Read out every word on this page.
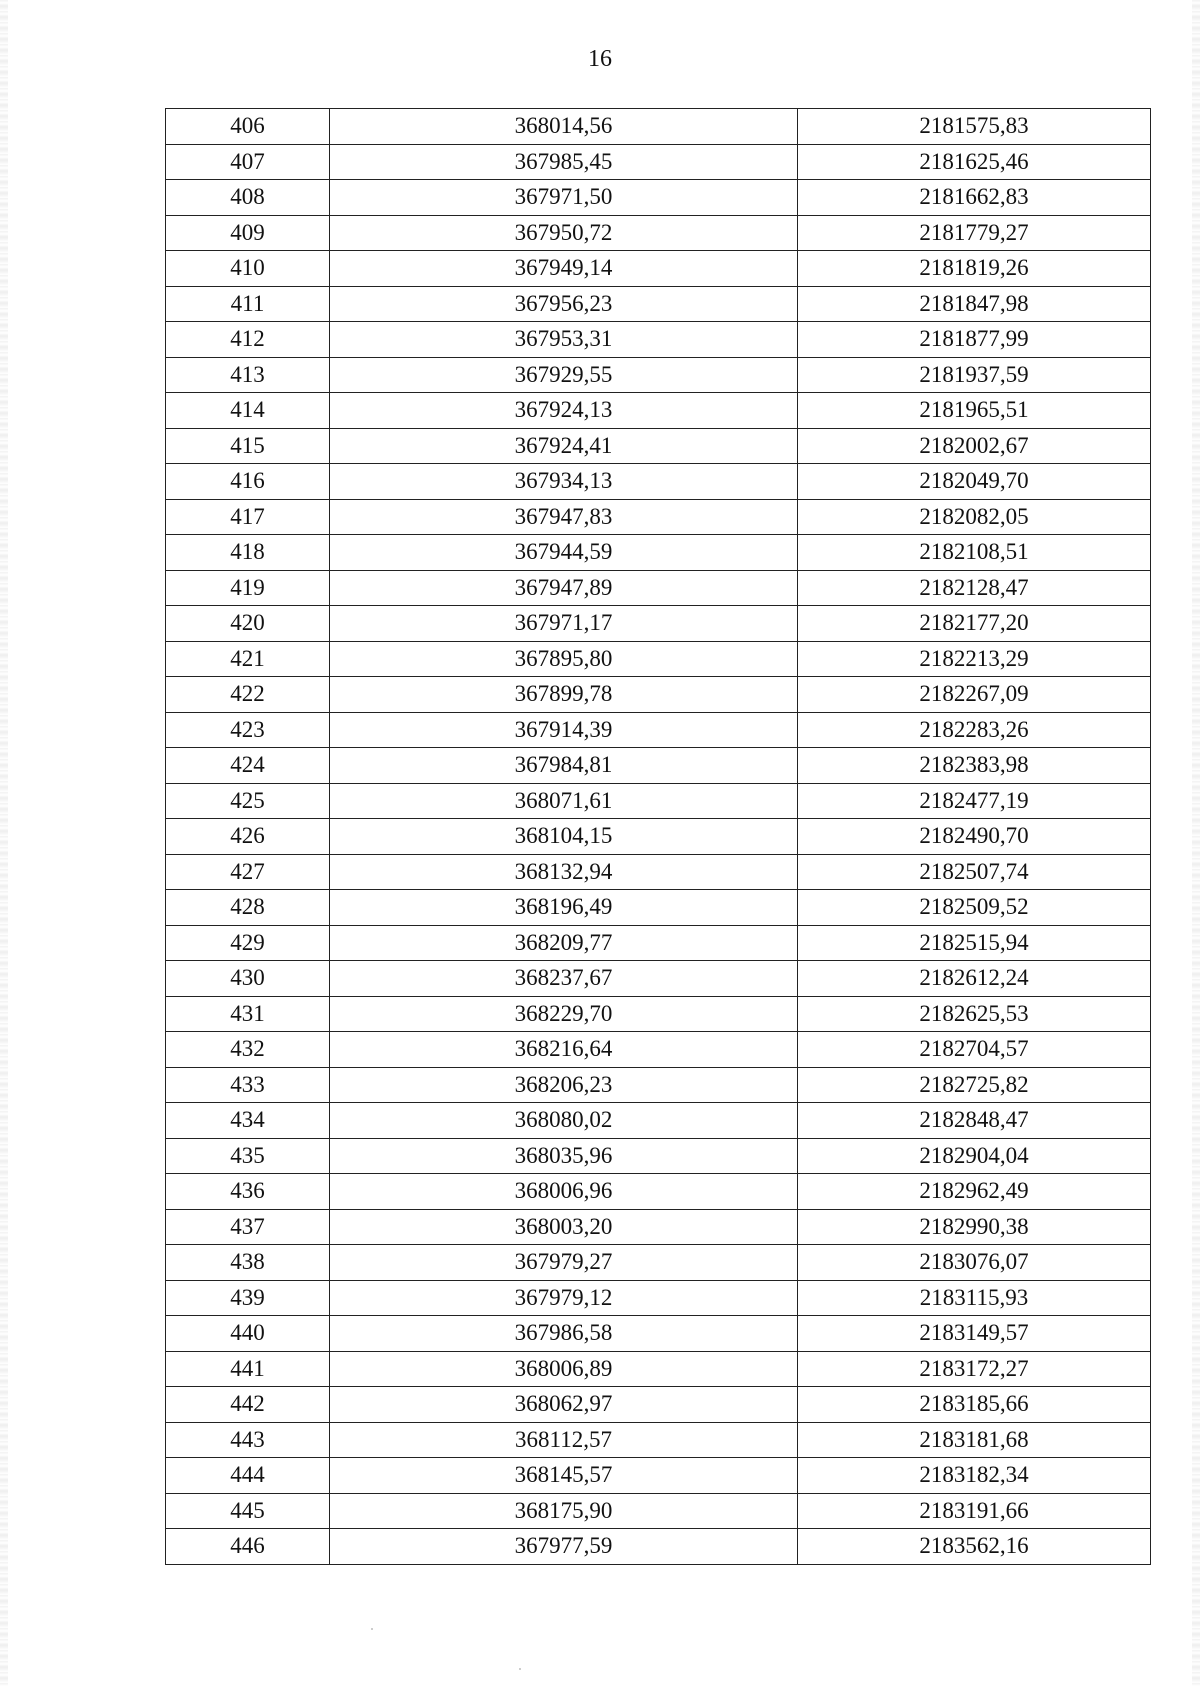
16
406	368014,56	2181575,83
407	367985,45	2181625,46
408	367971,50	2181662,83
409	367950,72	2181779,27
410	367949,14	2181819,26
411	367956,23	2181847,98
412	367953,31	2181877,99
413	367929,55	2181937,59
414	367924,13	2181965,51
415	367924,41	2182002,67
416	367934,13	2182049,70
417	367947,83	2182082,05
418	367944,59	2182108,51
419	367947,89	2182128,47
420	367971,17	2182177,20
421	367895,80	2182213,29
422	367899,78	2182267,09
423	367914,39	2182283,26
424	367984,81	2182383,98
425	368071,61	2182477,19
426	368104,15	2182490,70
427	368132,94	2182507,74
428	368196,49	2182509,52
429	368209,77	2182515,94
430	368237,67	2182612,24
431	368229,70	2182625,53
432	368216,64	2182704,57
433	368206,23	2182725,82
434	368080,02	2182848,47
435	368035,96	2182904,04
436	368006,96	2182962,49
437	368003,20	2182990,38
438	367979,27	2183076,07
439	367979,12	2183115,93
440	367986,58	2183149,57
441	368006,89	2183172,27
442	368062,97	2183185,66
443	368112,57	2183181,68
444	368145,57	2183182,34
445	368175,90	2183191,66
446	367977,59	2183562,16
